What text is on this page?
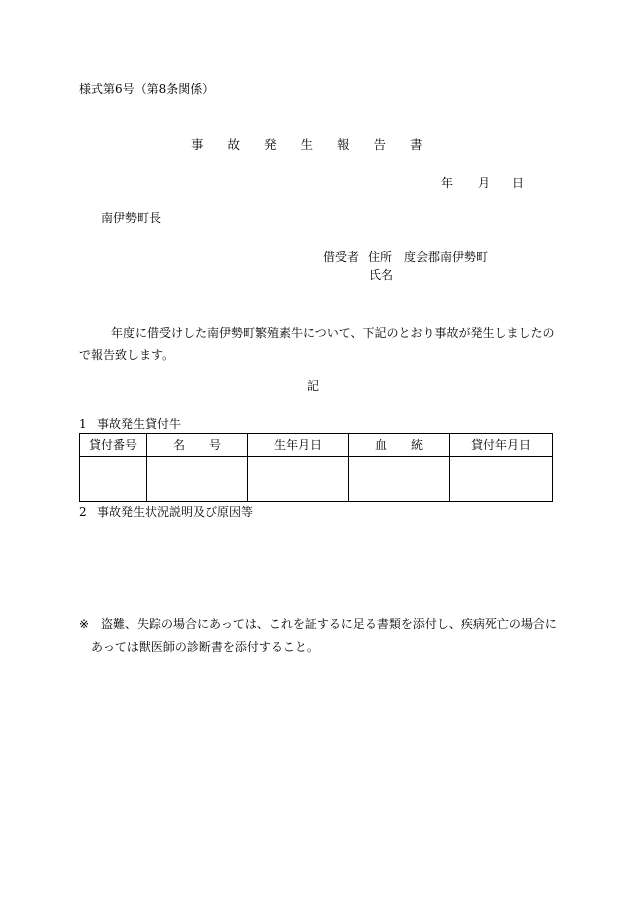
様式第6号（第8条関係）
事故発生報告書
年	月	日
南伊勢町長
借受者 住所 度会郡南伊勢町
氏名
年度に借受けした南伊勢町繁殖素牛について、下記のとおり事故が発生しましたので報告致します。
記
1 事故発生貸付牛
貸付番号	名　　号	生年月日	血　　統	貸付年月日

2 事故発生状況説明及び原因等
※ 盗難、失踪の場合にあっては、これを証するに足る書類を添付し、疾病死亡の場合に
あっては獣医師の診断書を添付すること。
